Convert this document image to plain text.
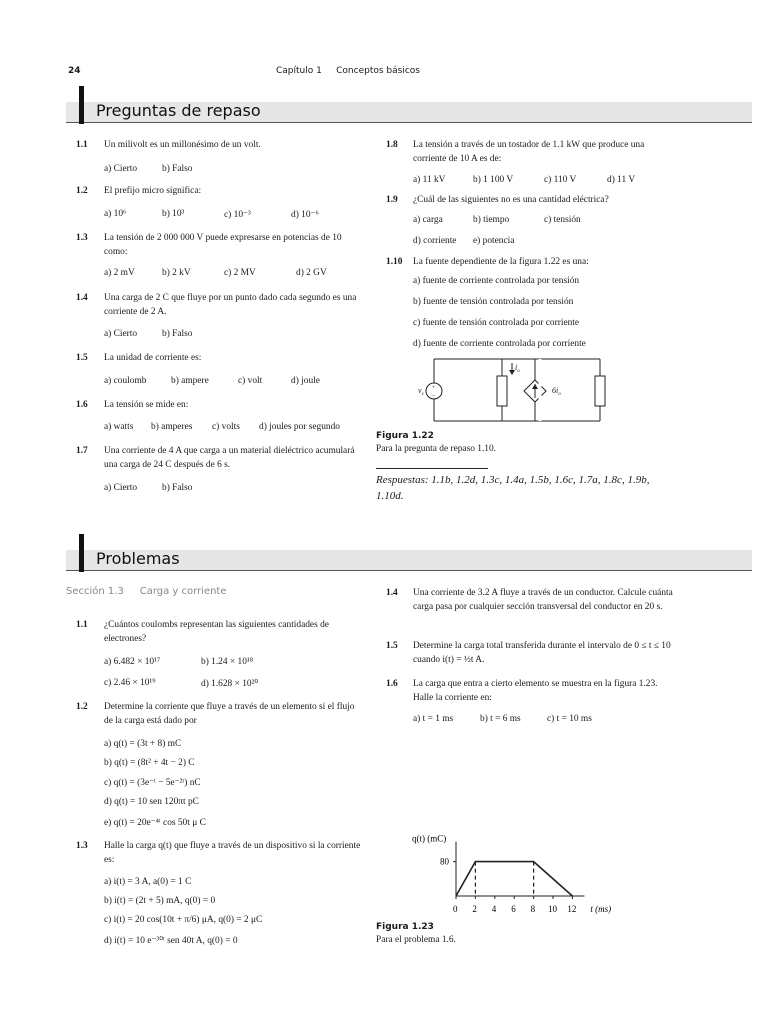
24	Capítulo 1     Conceptos básicos
Preguntas de repaso
1.1 Un milivolt es un millonésimo de un volt.
a) Cierto	b) Falso
1.2 El prefijo micro significa:
a) 10⁶	b) 10³	c) 10⁻³	d) 10⁻⁶
1.3 La tensión de 2 000 000 V puede expresarse en potencias de 10 como:
a) 2 mV	b) 2 kV	c) 2 MV	d) 2 GV
1.4 Una carga de 2 C que fluye por un punto dado cada segundo es una corriente de 2 A.
a) Cierto	b) Falso
1.5 La unidad de corriente es:
a) coulomb	b) ampere	c) volt	d) joule
1.6 La tensión se mide en:
a) watts b) amperes c) volts d) joules por segundo
1.7 Una corriente de 4 A que carga a un material dieléctrico acumulará una carga de 24 C después de 6 s.
a) Cierto	b) Falso
1.8 La tensión a través de un tostador de 1.1 kW que produce una corriente de 10 A es de:
a) 11 kV	b) 1 100 V	c) 110 V	d) 11 V
1.9 ¿Cuál de las siguientes no es una cantidad eléctrica?
a) carga	b) tiempo	c) tensión
d) corriente e) potencia
1.10 La fuente dependiente de la figura 1.22 es una:
a) fuente de corriente controlada por tensión
b) fuente de tensión controlada por tensión
c) fuente de tensión controlada por corriente
d) fuente de corriente controlada por corriente
+
−
$v_s$
$i_o$
$6i_o$
Figura 1.22
Para la pregunta de repaso 1.10.
Respuestas: 1.1b, 1.2d, 1.3c, 1.4a, 1.5b, 1.6c, 1.7a, 1.8c, 1.9b, 1.10d.
Problemas
Sección 1.3     Carga y corriente
1.1 ¿Cuántos coulombs representan las siguientes cantidades de electrones?
a) 6.482 × 10¹⁷	b) 1.24 × 10¹⁸
c) 2.46 × 10¹⁹	d) 1.628 × 10²⁰
1.2 Determine la corriente que fluye a través de un elemento si el flujo de la carga está dado por
a) q(t) = (3t + 8) mC
b) q(t) = (8t² + 4t − 2) C
c) q(t) = (3e⁻ᵗ − 5e⁻²ᵗ) nC
d) q(t) = 10 sen 120πt pC
e) q(t) = 20e⁻⁴ᵗ cos 50t μ C
1.3 Halle la carga q(t) que fluye a través de un dispositivo si la corriente es:
a) i(t) = 3 A, a(0) = 1 C
b) i(t) = (2t + 5) mA, q(0) = 0
c) i(t) = 20 cos(10t + π/6) μA, q(0) = 2 μC
d) i(t) = 10 e⁻³⁰ᵗ sen 40t A, q(0) = 0
1.4 Una corriente de 3.2 A fluye a través de un conductor. Calcule cuánta carga pasa por cualquier sección transversal del conductor en 20 s.
1.5 Determine la carga total transferida durante el intervalo de 0 ≤ t ≤ 10 cuando i(t) = ½t A.
1.6 La carga que entra a cierto elemento se muestra en la figura 1.23. Halle la corriente en:
a) t = 1 ms	b) t = 6 ms	c) t = 10 ms
q(t) (mC)
80
0 2 4 6 8 10 12 t (ms)
Figura 1.23
Para el problema 1.6.
